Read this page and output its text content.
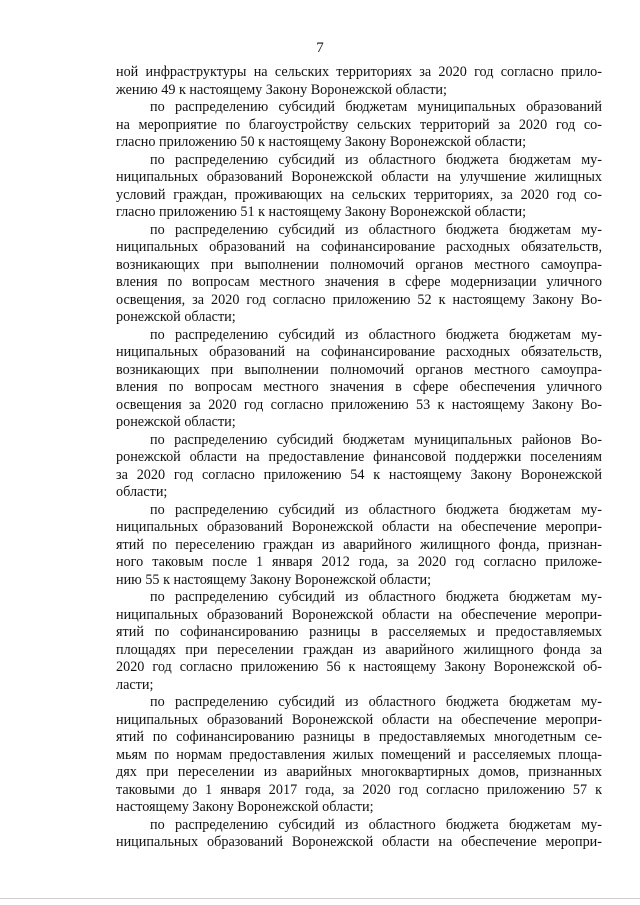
7

ной инфраструктуры на сельских территориях за 2020 год согласно прило-
жению 49 к настоящему Закону Воронежской области;

по распределению субсидий бюджетам муниципальных образований
на мероприятие по благоустройству сельских территорий за 2020 год со-
гласно приложению 50 к настоящему Закону Воронежской области;

по распределению субсидий из областного бюджета бюджетам му-
ниципальных образований Воронежской области на улучшение жилищных
условий граждан, проживающих на сельских территориях, за 2020 год со-
гласно приложению 51 к настоящему Закону Воронежской области;

по распределению субсидий из областного бюджета бюджетам му-
ниципальных образований на софинансирование расходных обязательств,
возникающих при выполнении полномочий органов местного самоупра-
вления по вопросам местного значения в сфере модернизации уличного
освещения, за 2020 год согласно приложению 52 к настоящему Закону Во-
ронежской области;

по распределению субсидий из областного бюджета бюджетам му-
ниципальных образований на софинансирование расходных обязательств,
возникающих при выполнении полномочий органов местного самоупра-
вления по вопросам местного значения в сфере обеспечения уличного
освещения за 2020 год согласно приложению 53 к настоящему Закону Во-
ронежской области;

по распределению субсидий бюджетам муниципальных районов Во-
ронежской области на предоставление финансовой поддержки поселениям
за 2020 год согласно приложению 54 к настоящему Закону Воронежской
области;

по распределению субсидий из областного бюджета бюджетам му-
ниципальных образований Воронежской области на обеспечение меропри-
ятий по переселению граждан из аварийного жилищного фонда, признан-
ного таковым после 1 января 2012 года, за 2020 год согласно приложе-
нию 55 к настоящему Закону Воронежской области;

по распределению субсидий из областного бюджета бюджетам му-
ниципальных образований Воронежской области на обеспечение меропри-
ятий по софинансированию разницы в расселяемых и предоставляемых
площадях при переселении граждан из аварийного жилищного фонда за
2020 год согласно приложению 56 к настоящему Закону Воронежской об-
ласти;

по распределению субсидий из областного бюджета бюджетам му-
ниципальных образований Воронежской области на обеспечение меропри-
ятий по софинансированию разницы в предоставляемых многодетным се-
мьям по нормам предоставления жилых помещений и расселяемых площа-
дях при переселении из аварийных многоквартирных домов, признанных
таковыми до 1 января 2017 года, за 2020 год согласно приложению 57 к
настоящему Закону Воронежской области;

по распределению субсидий из областного бюджета бюджетам му-
ниципальных образований Воронежской области на обеспечение меропри-
